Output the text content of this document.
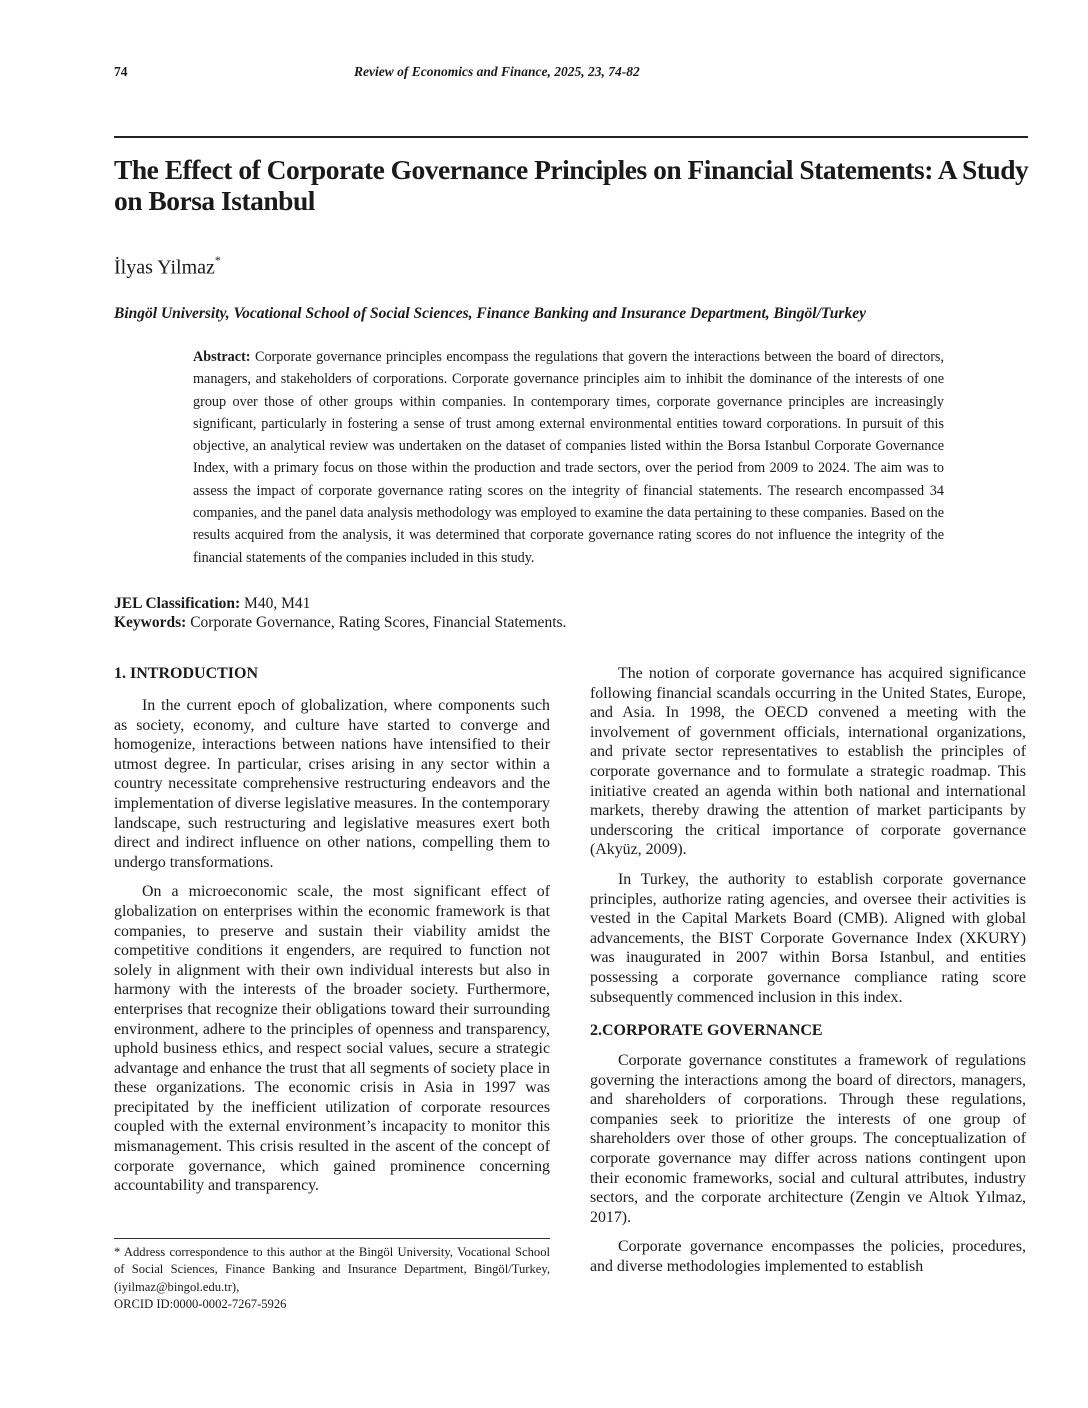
74	Review of Economics and Finance, 2025, 23, 74-82
The Effect of Corporate Governance Principles on Financial Statements: A Study on Borsa Istanbul
İlyas Yilmaz*
Bingöl University, Vocational School of Social Sciences, Finance Banking and Insurance Department, Bingöl/Turkey

Abstract: Corporate governance principles encompass the regulations that govern the interactions between the board of directors, managers, and stakeholders of corporations. Corporate governance principles aim to inhibit the dominance of the interests of one group over those of other groups within companies. In contemporary times, corporate governance principles are increasingly significant, particularly in fostering a sense of trust among external environmental entities toward corporations. In pursuit of this objective, an analytical review was undertaken on the dataset of companies listed within the Borsa Istanbul Corporate Governance Index, with a primary focus on those within the production and trade sectors, over the period from 2009 to 2024. The aim was to assess the impact of corporate governance rating scores on the integrity of financial statements. The research encompassed 34 companies, and the panel data analysis methodology was employed to examine the data pertaining to these companies. Based on the results acquired from the analysis, it was determined that corporate governance rating scores do not influence the integrity of the financial statements of the companies included in this study.

JEL Classification: M40, M41
Keywords: Corporate Governance, Rating Scores, Financial Statements.
1. INTRODUCTION

In the current epoch of globalization, where components such as society, economy, and culture have started to converge and homogenize, interactions between nations have intensified to their utmost degree. In particular, crises arising in any sector within a country necessitate comprehensive restructuring endeavors and the implementation of diverse legislative measures. In the contemporary landscape, such restructuring and legislative measures exert both direct and indirect influence on other nations, compelling them to undergo transformations.

On a microeconomic scale, the most significant effect of globalization on enterprises within the economic framework is that companies, to preserve and sustain their viability amidst the competitive conditions it engenders, are required to function not solely in alignment with their own individual interests but also in harmony with the interests of the broader society. Furthermore, enterprises that recognize their obligations toward their surrounding environment, adhere to the principles of openness and transparency, uphold business ethics, and respect social values, secure a strategic advantage and enhance the trust that all segments of society place in these organizations. The economic crisis in Asia in 1997 was precipitated by the inefficient utilization of corporate resources coupled with the external environment’s incapacity to monitor this mismanagement. This crisis resulted in the ascent of the concept of corporate governance, which gained prominence concerning accountability and transparency.

The notion of corporate governance has acquired significance following financial scandals occurring in the United States, Europe, and Asia. In 1998, the OECD convened a meeting with the involvement of government officials, international organizations, and private sector representatives to establish the principles of corporate governance and to formulate a strategic roadmap. This initiative created an agenda within both national and international markets, thereby drawing the attention of market participants by underscoring the critical importance of corporate governance (Akyüz, 2009).

In Turkey, the authority to establish corporate governance principles, authorize rating agencies, and oversee their activities is vested in the Capital Markets Board (CMB). Aligned with global advancements, the BIST Corporate Governance Index (XKURY) was inaugurated in 2007 within Borsa Istanbul, and entities possessing a corporate governance compliance rating score subsequently commenced inclusion in this index.

2.CORPORATE GOVERNANCE

Corporate governance constitutes a framework of regulations governing the interactions among the board of directors, managers, and shareholders of corporations. Through these regulations, companies seek to prioritize the interests of one group of shareholders over those of other groups. The conceptualization of corporate governance may differ across nations contingent upon their economic frameworks, social and cultural attributes, industry sectors, and the corporate architecture (Zengin ve Altıok Yılmaz, 2017).

Corporate governance encompasses the policies, procedures, and diverse methodologies implemented to establish

* Address correspondence to this author at the Bingöl University, Vocational School of Social Sciences, Finance Banking and Insurance Department, Bingöl/Turkey, (iyilmaz@bingol.edu.tr),
ORCID ID:0000-0002-7267-5926
